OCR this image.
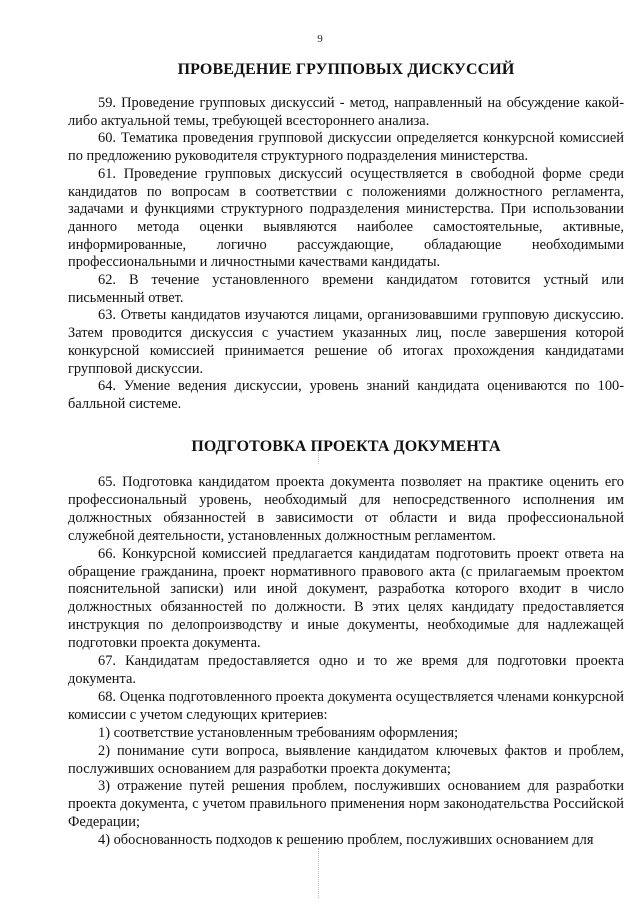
9
ПРОВЕДЕНИЕ ГРУППОВЫХ ДИСКУССИЙ

59. Проведение групповых дискуссий - метод, направленный на обсуждение какой-либо актуальной темы, требующей всестороннего анализа.

60. Тематика проведения групповой дискуссии определяется конкурсной комиссией по предложению руководителя структурного подразделения министерства.

61. Проведение групповых дискуссий осуществляется в свободной форме среди кандидатов по вопросам в соответствии с положениями должностного регламента, задачами и функциями структурного подразделения министерства. При использовании данного метода оценки выявляются наиболее самостоятельные, активные, информированные, логично рассуждающие, обладающие необходимыми профессиональными и личностными качествами кандидаты.

62. В течение установленного времени кандидатом готовится устный или письменный ответ.

63. Ответы кандидатов изучаются лицами, организовавшими групповую дискуссию. Затем проводится дискуссия с участием указанных лиц, после завершения которой конкурсной комиссией принимается решение об итогах прохождения кандидатами групповой дискуссии.

64. Умение ведения дискуссии, уровень знаний кандидата оцениваются по 100-балльной системе.

ПОДГОТОВКА ПРОЕКТА ДОКУМЕНТА

65. Подготовка кандидатом проекта документа позволяет на практике оценить его профессиональный уровень, необходимый для непосредственного исполнения им должностных обязанностей в зависимости от области и вида профессиональной служебной деятельности, установленных должностным регламентом.

66. Конкурсной комиссией предлагается кандидатам подготовить проект ответа на обращение гражданина, проект нормативного правового акта (с прилагаемым проектом пояснительной записки) или иной документ, разработка которого входит в число должностных обязанностей по должности. В этих целях кандидату предоставляется инструкция по делопроизводству и иные документы, необходимые для надлежащей подготовки проекта документа.

67. Кандидатам предоставляется одно и то же время для подготовки проекта документа.

68. Оценка подготовленного проекта документа осуществляется членами конкурсной комиссии с учетом следующих критериев:

1) соответствие установленным требованиям оформления;

2) понимание сути вопроса, выявление кандидатом ключевых фактов и проблем, послуживших основанием для разработки проекта документа;

3) отражение путей решения проблем, послуживших основанием для разработки проекта документа, с учетом правильного применения норм законодательства Российской Федерации;

4) обоснованность подходов к решению проблем, послуживших основанием для
